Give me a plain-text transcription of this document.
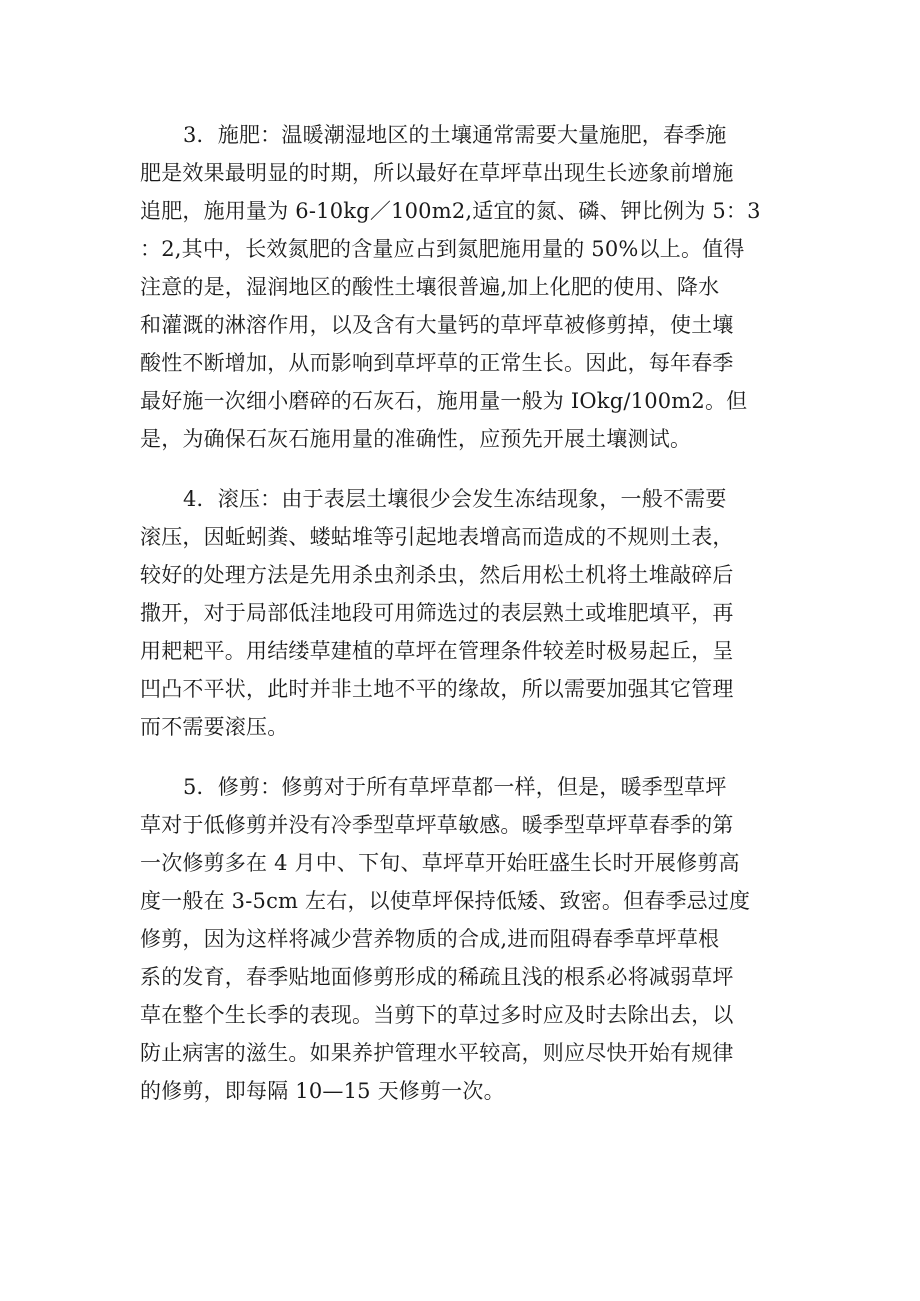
3．施肥：温暖潮湿地区的土壤通常需要大量施肥，春季施
肥是效果最明显的时期，所以最好在草坪草出现生长迹象前增施
追肥，施用量为 6-10kg／100m2,适宜的氮、磷、钾比例为 5：3
：2,其中，长效氮肥的含量应占到氮肥施用量的 50%以上。值得
注意的是，湿润地区的酸性土壤很普遍,加上化肥的使用、降水
和灌溉的淋溶作用，以及含有大量钙的草坪草被修剪掉，使土壤
酸性不断增加，从而影响到草坪草的正常生长。因此，每年春季
最好施一次细小磨碎的石灰石，施用量一般为 IOkg/100m2。但
是，为确保石灰石施用量的准确性，应预先开展土壤测试。
4．滚压：由于表层土壤很少会发生冻结现象，一般不需要
滚压，因蚯蚓粪、蝼蛄堆等引起地表增高而造成的不规则土表，
较好的处理方法是先用杀虫剂杀虫，然后用松土机将土堆敲碎后
撒开，对于局部低洼地段可用筛选过的表层熟土或堆肥填平，再
用耙耙平。用结缕草建植的草坪在管理条件较差时极易起丘，呈
凹凸不平状，此时并非土地不平的缘故，所以需要加强其它管理
而不需要滚压。
5．修剪：修剪对于所有草坪草都一样，但是，暖季型草坪
草对于低修剪并没有冷季型草坪草敏感。暖季型草坪草春季的第
一次修剪多在 4 月中、下旬、草坪草开始旺盛生长时开展修剪高
度一般在 3-5cm 左右，以使草坪保持低矮、致密。但春季忌过度
修剪，因为这样将减少营养物质的合成,进而阻碍春季草坪草根
系的发育，春季贴地面修剪形成的稀疏且浅的根系必将减弱草坪
草在整个生长季的表现。当剪下的草过多时应及时去除出去，以
防止病害的滋生。如果养护管理水平较高，则应尽快开始有规律
的修剪，即每隔 10—15 天修剪一次。
